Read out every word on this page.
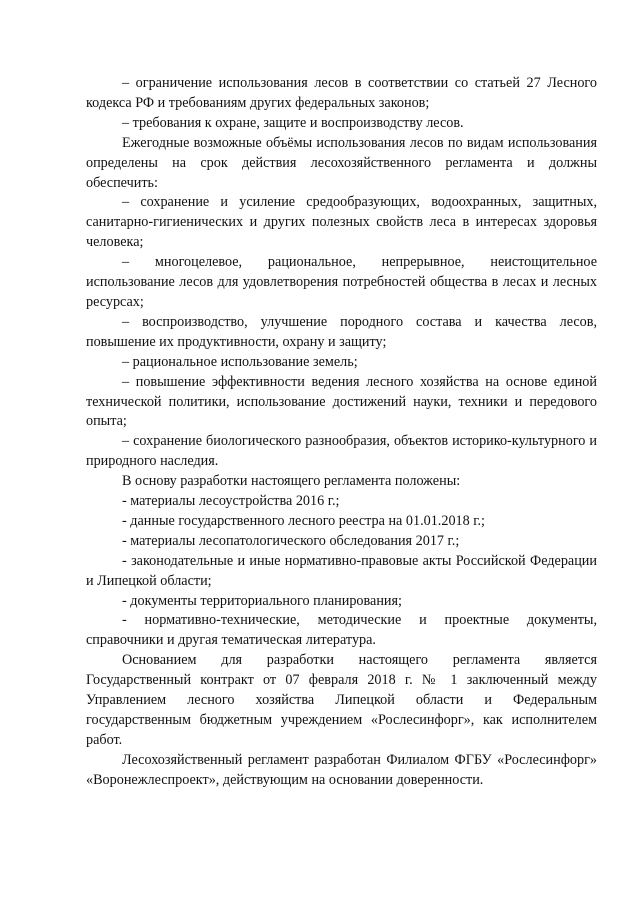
– ограничение использования лесов в соответствии со статьей 27 Лесного кодекса РФ и требованиям других федеральных законов;

– требования к охране, защите и воспроизводству лесов.

Ежегодные возможные объёмы использования лесов по видам использования определены на срок действия лесохозяйственного регламента и должны обеспечить:

– сохранение и усиление средообразующих, водоохранных, защитных, санитарно-гигиенических и других полезных свойств леса в интересах здоровья человека;

– многоцелевое, рациональное, непрерывное, неистощительное использование лесов для удовлетворения потребностей общества в лесах и лесных ресурсах;

– воспроизводство, улучшение породного состава и качества лесов, повышение их продуктивности, охрану и защиту;

– рациональное использование земель;

– повышение эффективности ведения лесного хозяйства на основе единой технической политики, использование достижений науки, техники и передового опыта;

– сохранение биологического разнообразия, объектов историко-культурного и природного наследия.

В основу разработки настоящего регламента положены:

- материалы лесоустройства 2016 г.;

- данные государственного лесного реестра на 01.01.2018 г.;

- материалы лесопатологического обследования 2017 г.;

- законодательные и иные нормативно-правовые акты Российской Федерации и Липецкой области;

- документы территориального планирования;

- нормативно-технические, методические и проектные документы, справочники и другая тематическая литература.

Основанием для разработки настоящего регламента является Государственный контракт от 07 февраля 2018 г. № 1 заключенный между Управлением лесного хозяйства Липецкой области и Федеральным государственным бюджетным учреждением «Рослесинфорг», как исполнителем работ.

Лесохозяйственный регламент разработан Филиалом ФГБУ «Рослесинфорг» «Воронежлеспроект», действующим на основании доверенности.
